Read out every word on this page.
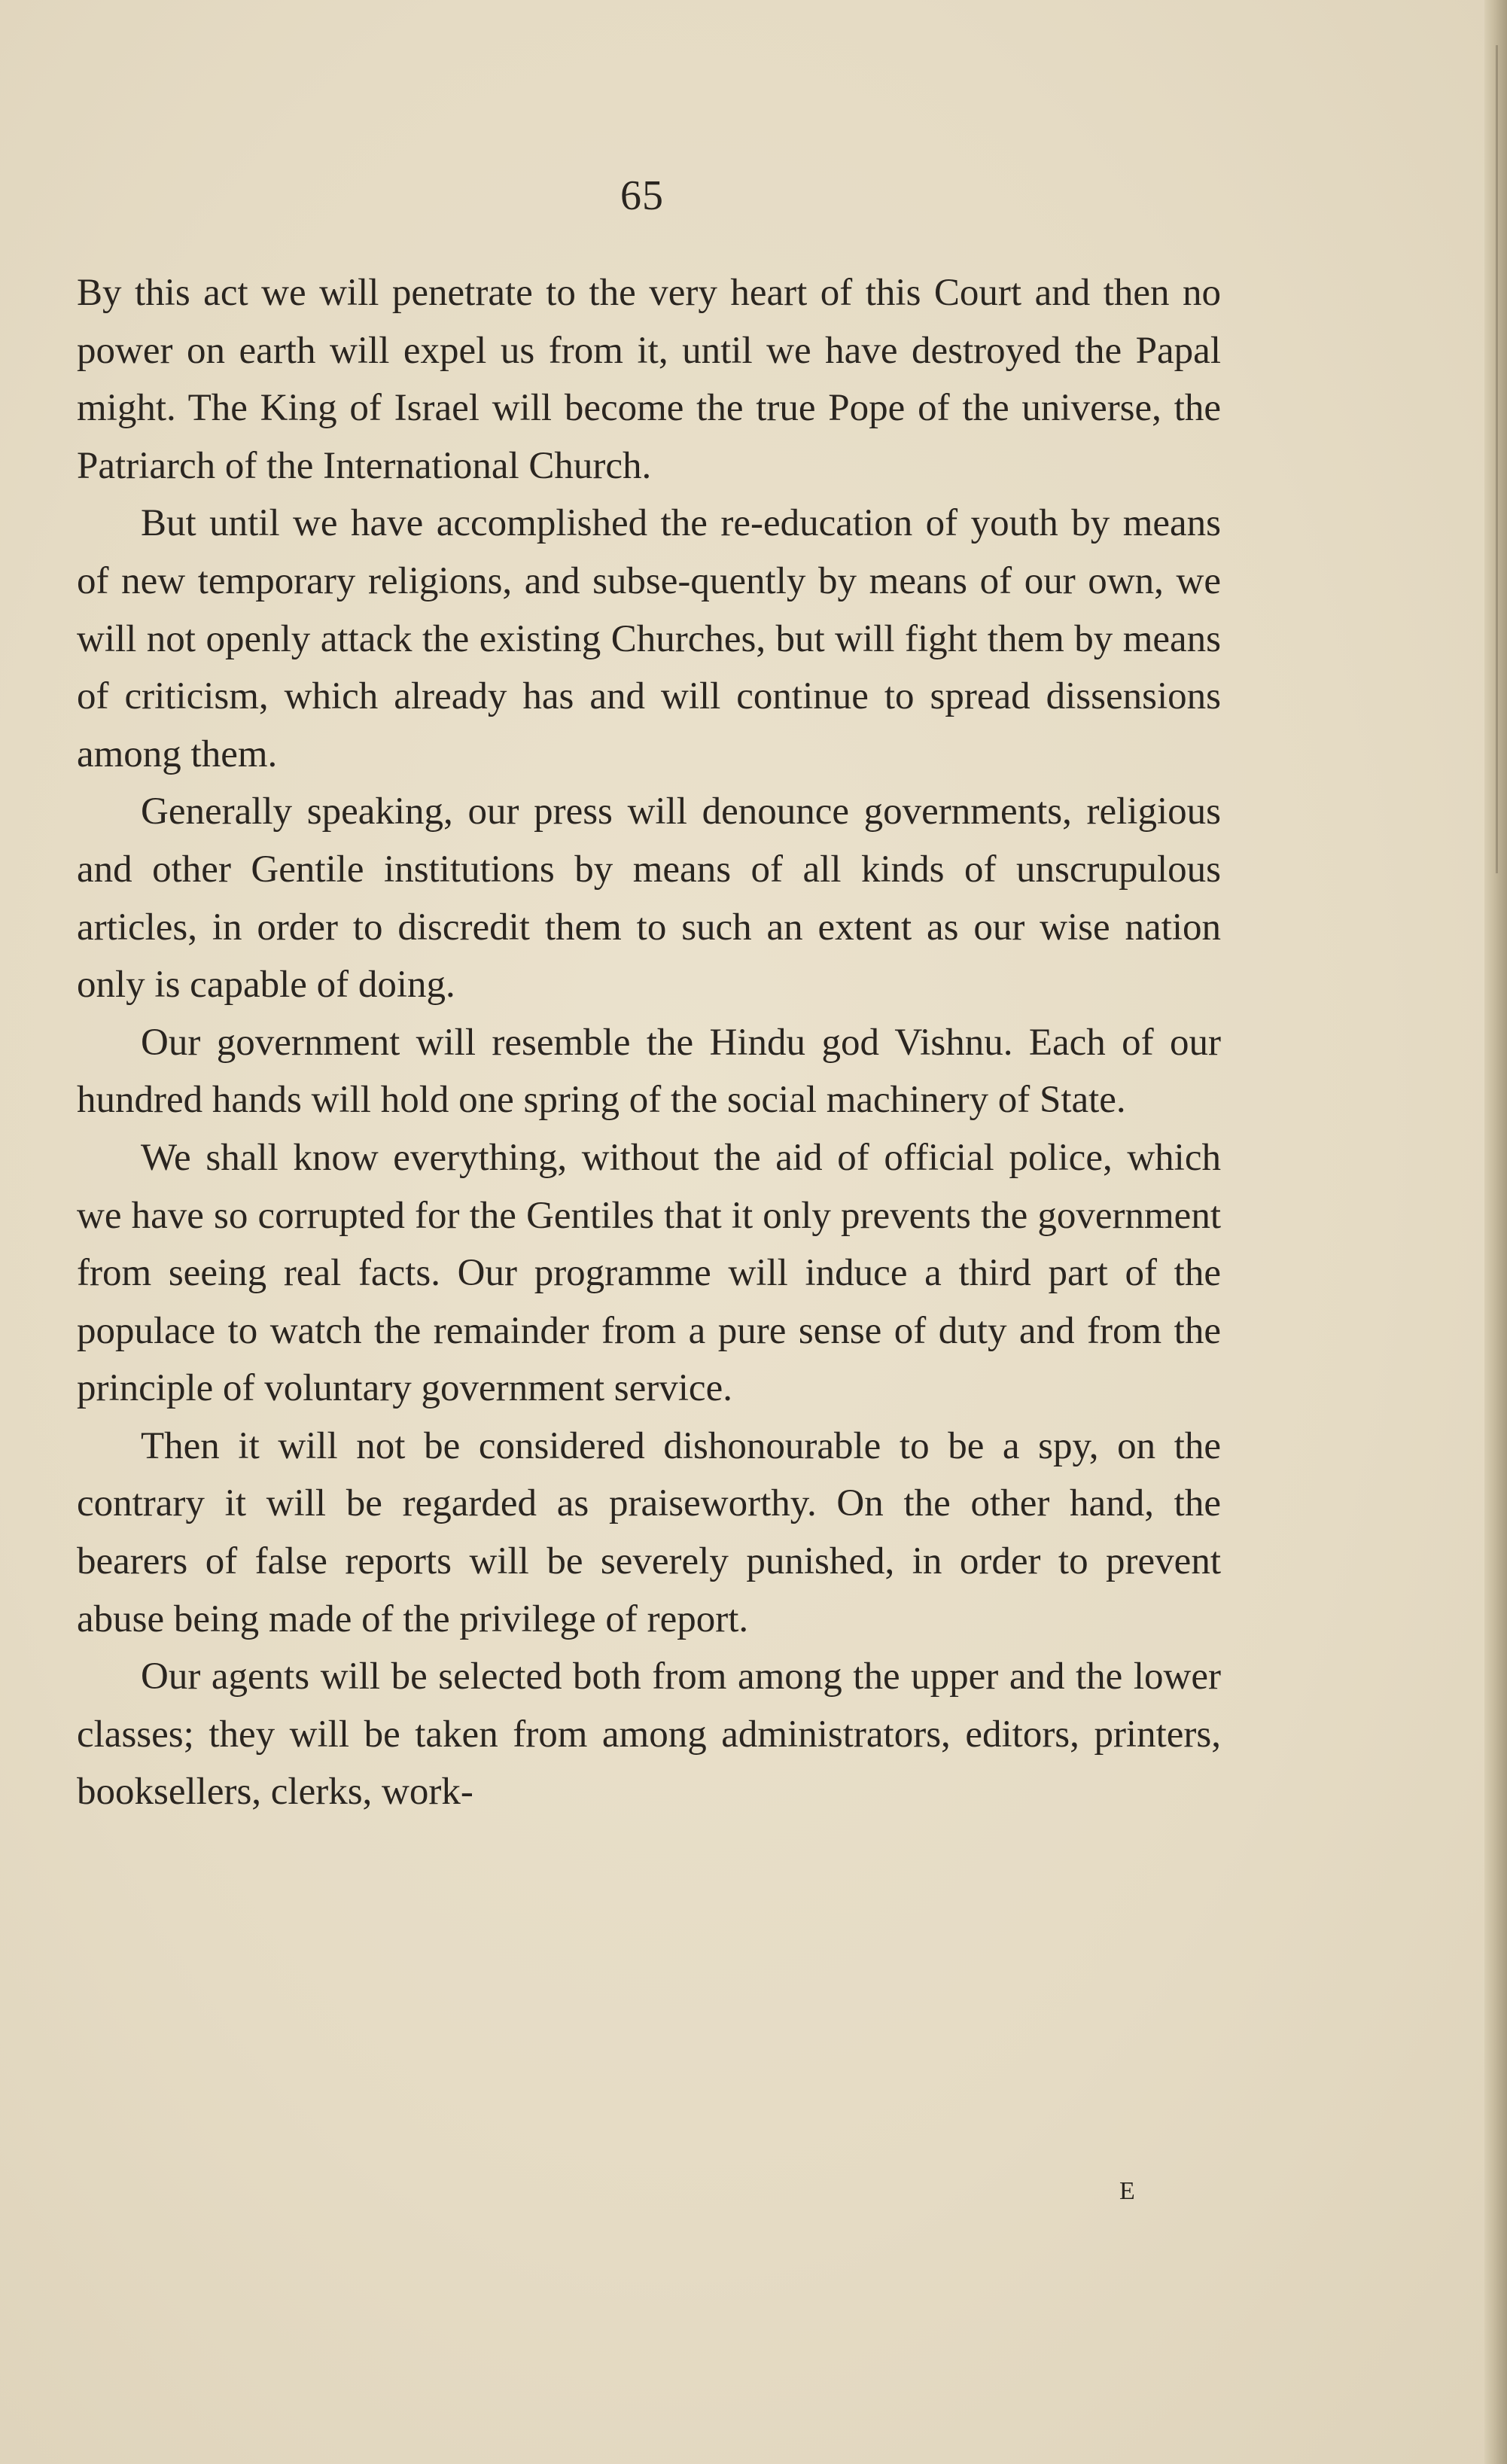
65

By this act we will penetrate to the very heart of this Court and then no power on earth will expel us from it, until we have destroyed the Papal might. The King of Israel will become the true Pope of the universe, the Patriarch of the International Church.

But until we have accomplished the re-education of youth by means of new temporary religions, and subse-quently by means of our own, we will not openly attack the existing Churches, but will fight them by means of criticism, which already has and will continue to spread dissensions among them.

Generally speaking, our press will denounce governments, religious and other Gentile institutions by means of all kinds of unscrupulous articles, in order to discredit them to such an extent as our wise nation only is capable of doing.

Our government will resemble the Hindu god Vishnu. Each of our hundred hands will hold one spring of the social machinery of State.

We shall know everything, without the aid of official police, which we have so corrupted for the Gentiles that it only prevents the government from seeing real facts. Our programme will induce a third part of the populace to watch the remainder from a pure sense of duty and from the principle of voluntary government service.

Then it will not be considered dishonourable to be a spy, on the contrary it will be regarded as praiseworthy. On the other hand, the bearers of false reports will be severely punished, in order to prevent abuse being made of the privilege of report.

Our agents will be selected both from among the upper and the lower classes; they will be taken from among administrators, editors, printers, booksellers, clerks, work-

E
